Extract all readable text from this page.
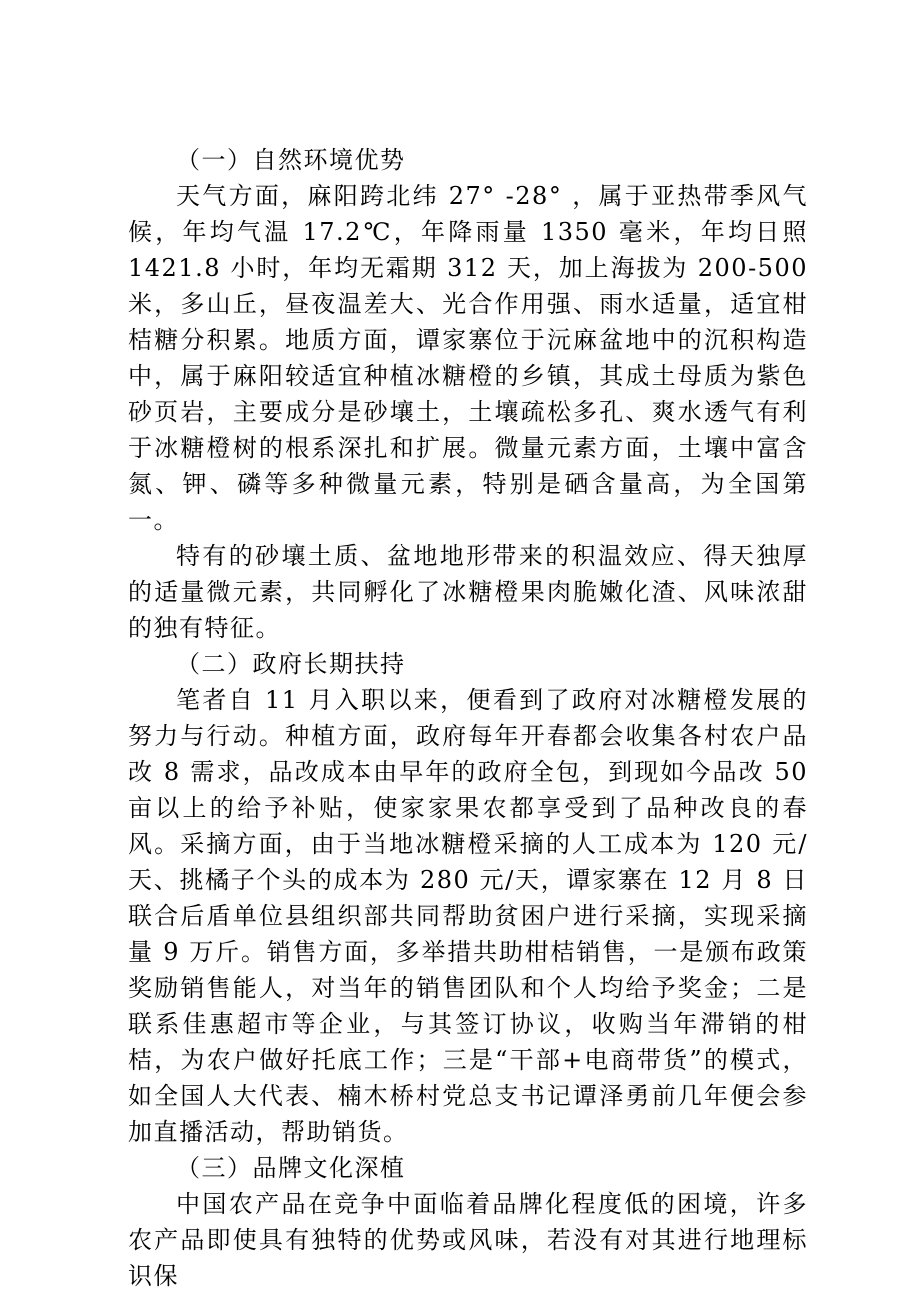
（一）自然环境优势

天气方面，麻阳跨北纬 27° -28° ，属于亚热带季风气候，年均气温 17.2℃，年降雨量 1350 毫米，年均日照 1421.8 小时，年均无霜期 312 天，加上海拔为 200-500 米，多山丘，昼夜温差大、光合作用强、雨水适量，适宜柑桔糖分积累。地质方面，谭家寨位于沅麻盆地中的沉积构造中，属于麻阳较适宜种植冰糖橙的乡镇，其成土母质为紫色砂页岩，主要成分是砂壤土，土壤疏松多孔、爽水透气有利于冰糖橙树的根系深扎和扩展。微量元素方面，土壤中富含氮、钾、磷等多种微量元素，特别是硒含量高，为全国第一。

特有的砂壤土质、盆地地形带来的积温效应、得天独厚的适量微元素，共同孵化了冰糖橙果肉脆嫩化渣、风味浓甜的独有特征。

（二）政府长期扶持

笔者自 11 月入职以来，便看到了政府对冰糖橙发展的努力与行动。种植方面，政府每年开春都会收集各村农户品改 8 需求，品改成本由早年的政府全包，到现如今品改 50 亩以上的给予补贴，使家家果农都享受到了品种改良的春风。采摘方面，由于当地冰糖橙采摘的人工成本为 120 元/天、挑橘子个头的成本为 280 元/天，谭家寨在 12 月 8 日联合后盾单位县组织部共同帮助贫困户进行采摘，实现采摘量 9 万斤。销售方面，多举措共助柑桔销售，一是颁布政策奖励销售能人，对当年的销售团队和个人均给予奖金；二是联系佳惠超市等企业，与其签订协议，收购当年滞销的柑桔，为农户做好托底工作；三是“干部+电商带货”的模式，如全国人大代表、楠木桥村党总支书记谭泽勇前几年便会参加直播活动，帮助销货。

（三）品牌文化深植

中国农产品在竞争中面临着品牌化程度低的困境，许多农产品即使具有独特的优势或风味，若没有对其进行地理标识保
